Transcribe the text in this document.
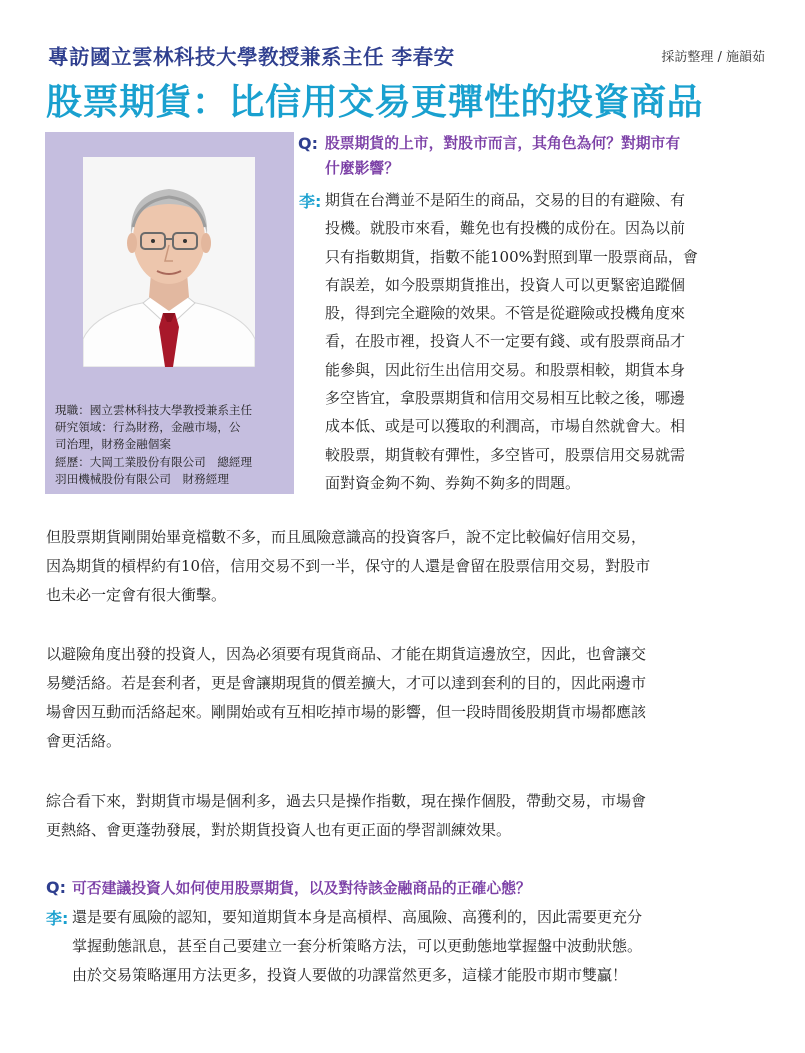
專訪國立雲林科技大學教授兼系主任 李春安	採訪整理 / 施韻茹
股票期貨：比信用交易更彈性的投資商品
現職：國立雲林科技大學教授兼系主任
研究領域：行為財務，金融市場，公
司治理，財務金融個案
經歷：大岡工業股份有限公司　總經理
羽田機械股份有限公司　財務經理
Q: 股票期貨的上市，對股市而言，其角色為何？對期市有
什麼影響？
李: 期貨在台灣並不是陌生的商品，交易的目的有避險、有
投機。就股市來看，難免也有投機的成份在。因為以前
只有指數期貨，指數不能100%對照到單一股票商品，會
有誤差，如今股票期貨推出，投資人可以更緊密追蹤個
股，得到完全避險的效果。不管是從避險或投機角度來
看，在股市裡，投資人不一定要有錢、或有股票商品才
能參與，因此衍生出信用交易。和股票相較，期貨本身
多空皆宜，拿股票期貨和信用交易相互比較之後，哪邊
成本低、或是可以獲取的利潤高，市場自然就會大。相
較股票，期貨較有彈性，多空皆可，股票信用交易就需
面對資金夠不夠、券夠不夠多的問題。
但股票期貨剛開始畢竟檔數不多，而且風險意識高的投資客戶，說不定比較偏好信用交易，
因為期貨的槓桿約有10倍，信用交易不到一半，保守的人還是會留在股票信用交易，對股市
也未必一定會有很大衝擊。
以避險角度出發的投資人，因為必須要有現貨商品、才能在期貨這邊放空，因此，也會讓交
易變活絡。若是套利者，更是會讓期現貨的價差擴大，才可以達到套利的目的，因此兩邊市
場會因互動而活絡起來。剛開始或有互相吃掉市場的影響，但一段時間後股期貨市場都應該
會更活絡。
綜合看下來，對期貨市場是個利多，過去只是操作指數，現在操作個股，帶動交易，市場會
更熱絡、會更蓬勃發展，對於期貨投資人也有更正面的學習訓練效果。
Q: 可否建議投資人如何使用股票期貨，以及對待該金融商品的正確心態？
李: 還是要有風險的認知，要知道期貨本身是高槓桿、高風險、高獲利的，因此需要更充分
掌握動態訊息，甚至自己要建立一套分析策略方法，可以更動態地掌握盤中波動狀態。
由於交易策略運用方法更多，投資人要做的功課當然更多，這樣才能股市期市雙贏！
